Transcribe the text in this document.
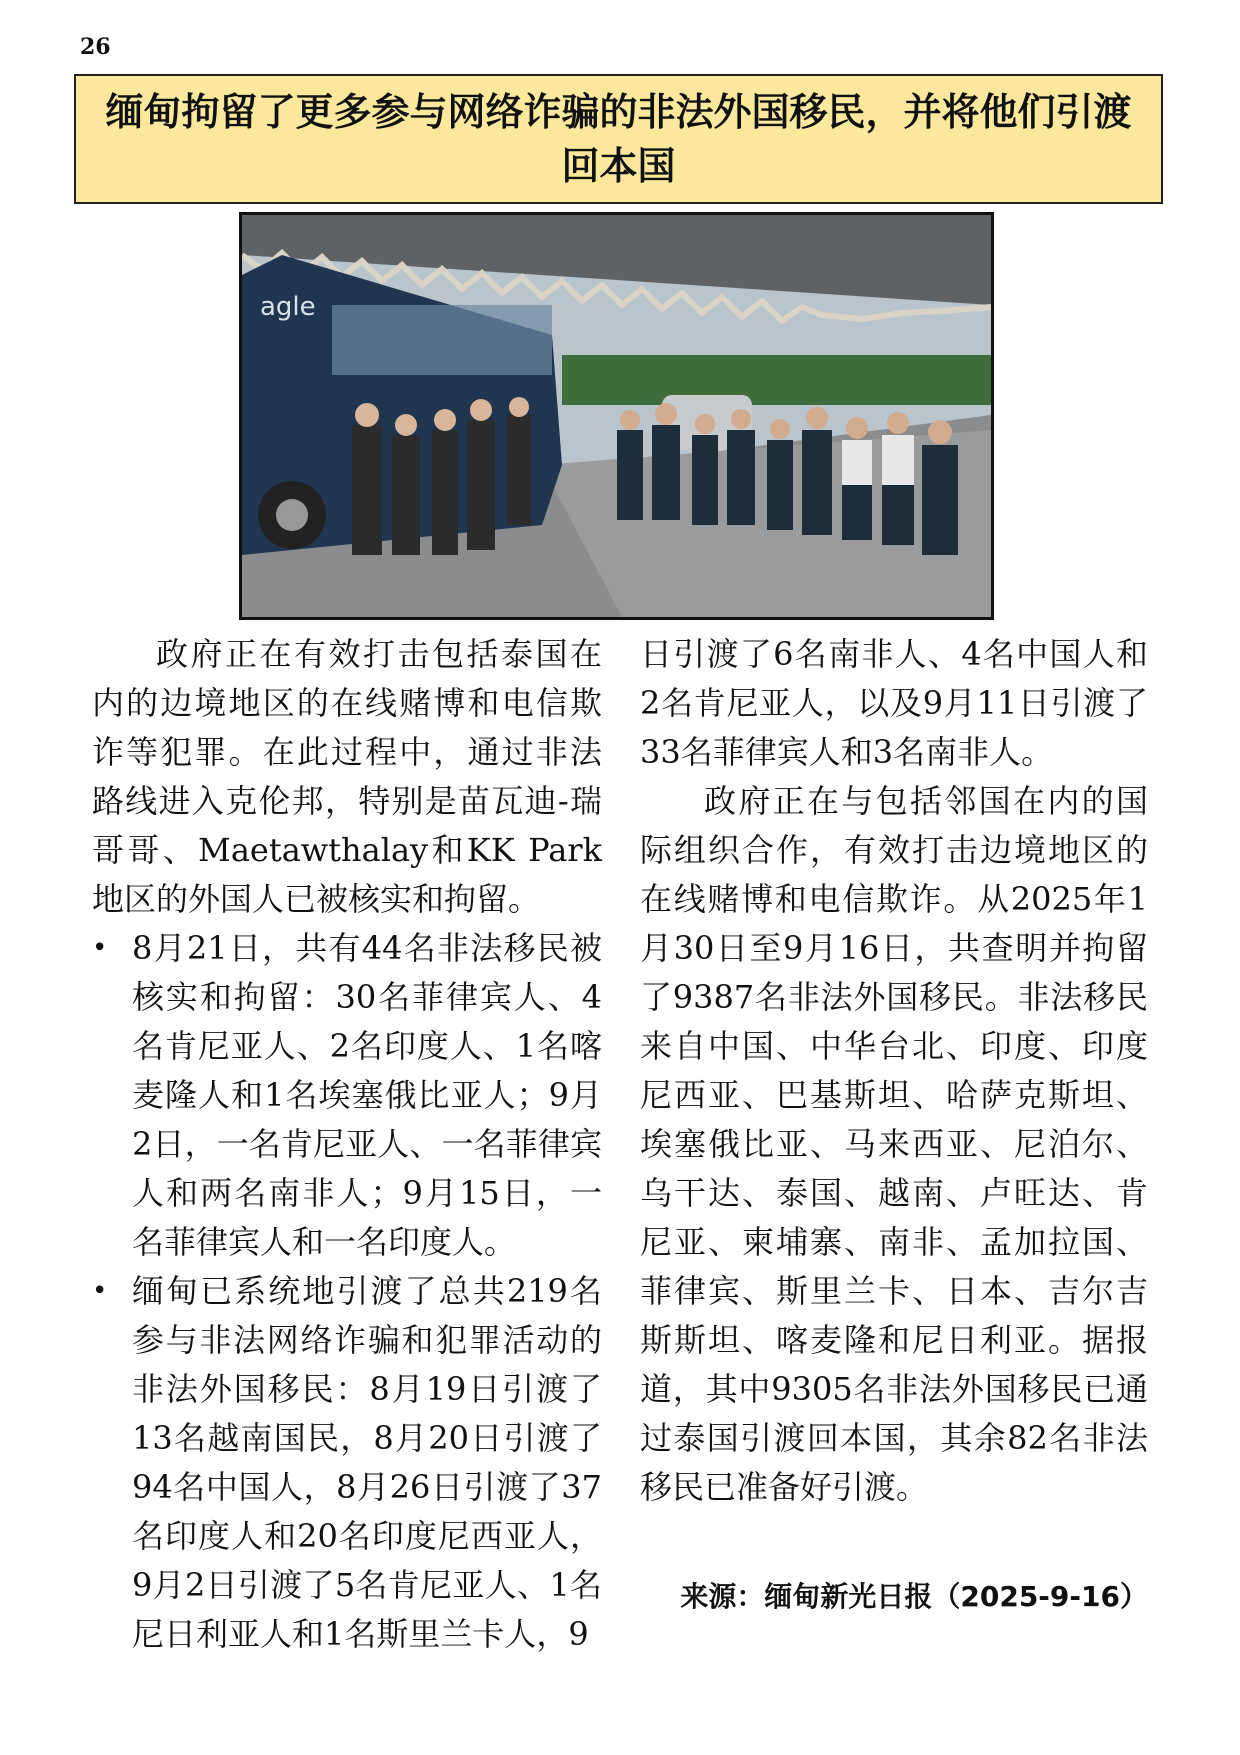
26
缅甸拘留了更多参与网络诈骗的非法外国移民，并将他们引渡回本国
agle

政府正在有效打击包括泰国在内的边境地区的在线赌博和电信欺诈等犯罪。在此过程中，通过非法路线进入克伦邦，特别是苗瓦迪-瑞哥哥、Maetawthalay和KK Park地区的外国人已被核实和拘留。

• 8月21日，共有44名非法移民被核实和拘留：30名菲律宾人、4名肯尼亚人、2名印度人、1名喀麦隆人和1名埃塞俄比亚人；9月2日，一名肯尼亚人、一名菲律宾人和两名南非人；9月15日，一名菲律宾人和一名印度人。
• 缅甸已系统地引渡了总共219名参与非法网络诈骗和犯罪活动的非法外国移民：8月19日引渡了13名越南国民，8月20日引渡了94名中国人，8月26日引渡了37名印度人和20名印度尼西亚人，9月2日引渡了5名肯尼亚人、1名尼日利亚人和1名斯里兰卡人，9

日引渡了6名南非人、4名中国人和2名肯尼亚人，以及9月11日引渡了33名菲律宾人和3名南非人。

政府正在与包括邻国在内的国际组织合作，有效打击边境地区的在线赌博和电信欺诈。从2025年1月30日至9月16日，共查明并拘留了9387名非法外国移民。非法移民来自中国、中华台北、印度、印度尼西亚、巴基斯坦、哈萨克斯坦、埃塞俄比亚、马来西亚、尼泊尔、乌干达、泰国、越南、卢旺达、肯尼亚、柬埔寨、南非、孟加拉国、菲律宾、斯里兰卡、日本、吉尔吉斯斯坦、喀麦隆和尼日利亚。据报道，其中9305名非法外国移民已通过泰国引渡回本国，其余82名非法移民已准备好引渡。

来源：缅甸新光日报（2025-9-16）
